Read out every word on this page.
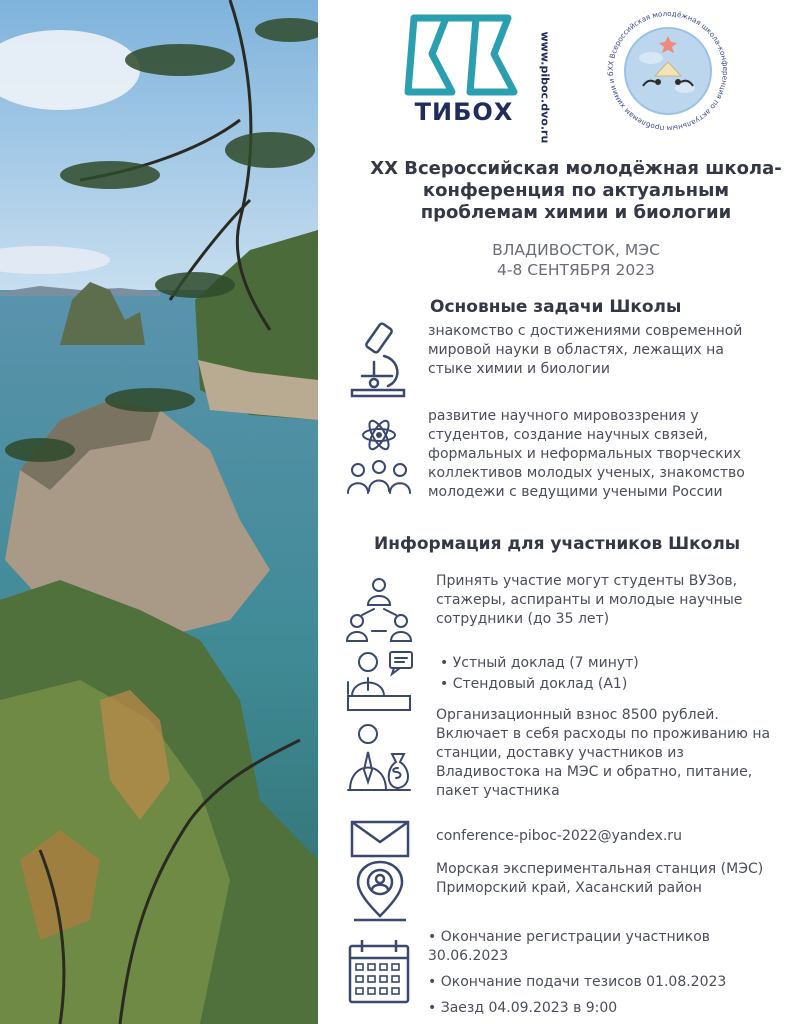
ТИБОХ	www.piboc.dvo.ru	XX Всероссийская молодёжная школа-конференция по актуальным проблемам химии и б
XX Всероссийская молодёжная школа-конференция по актуальным проблемам химии и биологии
ВЛАДИВОСТОК, МЭС
4-8 СЕНТЯБРЯ 2023
Основные задачи Школы
знакомство с достижениями современной мировой науки в областях, лежащих на стыке химии и биологии
развитие научного мировоззрения у студентов, создание научных связей, формальных и неформальных творческих коллективов молодых ученых, знакомство молодежи с ведущими учеными России
Информация для участников Школы
Принять участие могут студенты ВУЗов, стажеры, аспиранты и молодые научные сотрудники (до 35 лет)
• Устный доклад (7 минут)
• Стендовый доклад (А1)
Организационный взнос 8500 рублей. Включает в себя расходы по проживанию на станции, доставку участников из Владивостока на МЭС и обратно, питание, пакет участника
conference-piboc-2022@yandex.ru
Морская экспериментальная станция (МЭС) Приморский край, Хасанский район
• Окончание регистрации участников 30.06.2023
• Окончание подачи тезисов 01.08.2023
• Заезд 04.09.2023 в 9:00
